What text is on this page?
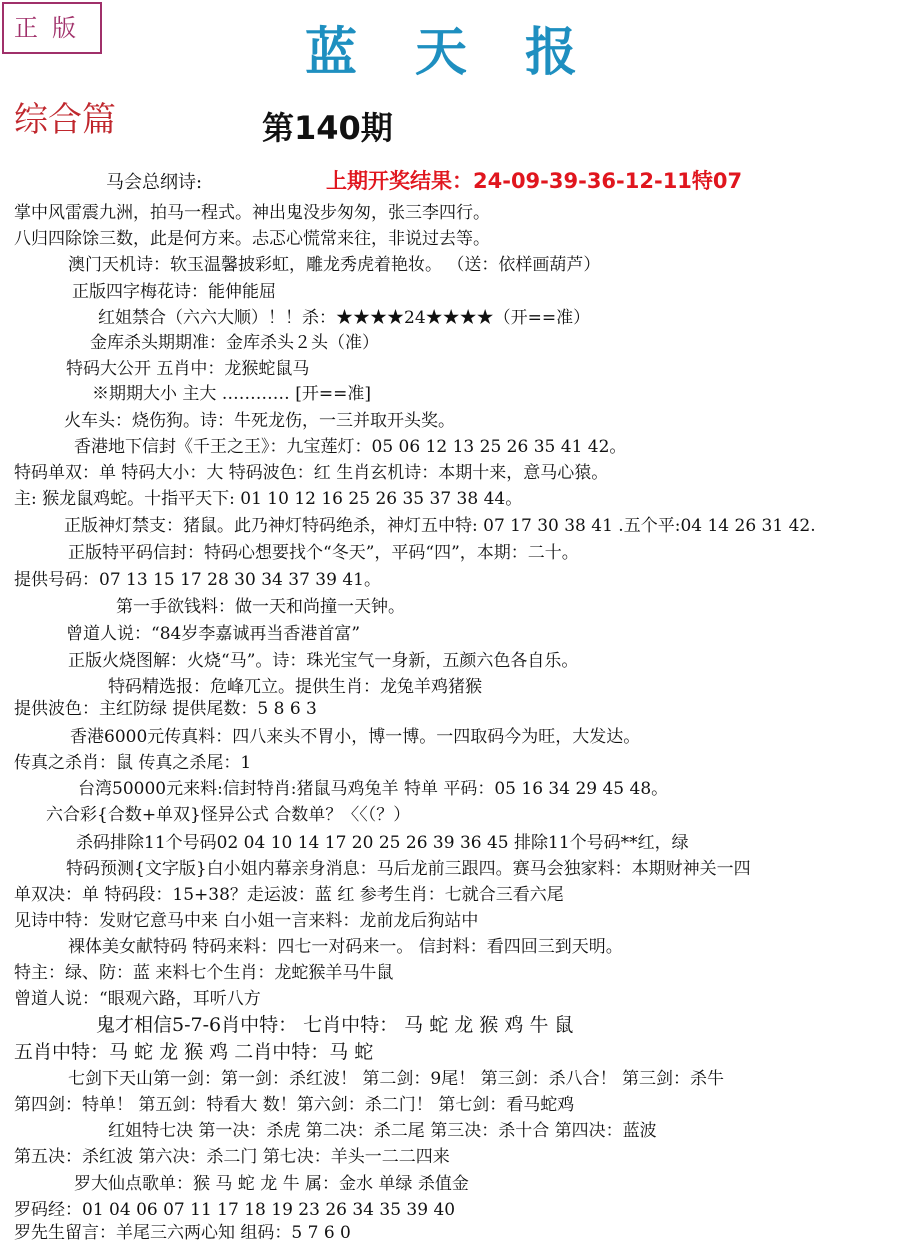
正版	蓝天报
综合篇	第140期
马会总纲诗:	上期开奖结果：24-09-39-36-12-11特07
掌中风雷震九洲，拍马一程式。神出鬼没步匆匆，张三李四行。
八归四除馀三数，此是何方来。忐忑心慌常来往，非说过去等。
澳门天机诗：软玉温馨披彩虹，雕龙秀虎着艳妆。 （送：依样画葫芦）
正版四字梅花诗：能伸能屈
红姐禁合（六六大顺）！！杀：★★★★24★★★★（开==准）
金库杀头期期准：金库杀头２头（准）
特码大公开 五肖中：龙猴蛇鼠马
※期期大小 主大 ………… [开==准]
火车头：烧伤狗。诗：牛死龙伤，一三并取开头奖。
香港地下信封《千王之王》：九宝莲灯：05 06 12 13 25 26 35 41 42。
特码单双：单 特码大小：大 特码波色：红 生肖玄机诗：本期十来，意马心猿。
主: 猴龙鼠鸡蛇。十指平天下: 01 10 12 16 25 26 35 37 38 44。
正版神灯禁支：猪鼠。此乃神灯特码绝杀，神灯五中特: 07 17 30 38 41 .五个平:04 14 26 31 42.
正版特平码信封：特码心想要找个“冬天”，平码“四”，本期：二十。
提供号码：07 13 15 17 28 30 34 37 39 41。
第一手欲钱料：做一天和尚撞一天钟。
曾道人说：“84岁李嘉诚再当香港首富”
正版火烧图解：火烧“马”。诗：珠光宝气一身新，五颜六色各自乐。
特码精选报：危峰兀立。提供生肖：龙兔羊鸡猪猴
提供波色：主红防绿 提供尾数：5 8 6 3
香港6000元传真料：四八来头不胃小，博一博。一四取码今为旺，大发达。
传真之杀肖：鼠 传真之杀尾：1
台湾50000元来料:信封特肖:猪鼠马鸡兔羊 特单 平码：05 16 34 29 45 48。
六合彩{合数+单双}怪异公式 合数单？〈〈（？）
杀码排除11个号码02 04 10 14 17 20 25 26 39 36 45 排除11个号码**红，绿
特码预测{文字版}白小姐内幕亲身消息：马后龙前三跟四。赛马会独家料：本期财神关一四
单双决：单 特码段：15+38？走运波：蓝 红 参考生肖：七就合三看六尾
见诗中特：发财它意马中来 白小姐一言来料：龙前龙后狗站中
裸体美女献特码 特码来料：四七一对码来一。 信封料：看四回三到天明。
特主：绿、防：蓝 来料七个生肖：龙蛇猴羊马牛鼠
曾道人说：“眼观六路，耳听八方
鬼才相信5-7-6肖中特： 七肖中特： 马 蛇 龙 猴 鸡 牛 鼠
五肖中特：马 蛇 龙 猴 鸡 二肖中特：马 蛇
七剑下天山第一剑：第一剑：杀红波！ 第二剑：9尾！ 第三剑：杀八合！ 第三剑：杀牛
第四剑：特单！ 第五剑：特看大 数！第六剑：杀二门！ 第七剑：看马蛇鸡
红姐特七决 第一决：杀虎 第二决：杀二尾 第三决：杀十合 第四决：蓝波
第五决：杀红波 第六决：杀二门 第七决：羊头一二二四来
罗大仙点歌单：猴 马 蛇 龙 牛 属：金水 单绿 杀值金
罗码经：01 04 06 07 11 17 18 19 23 26 34 35 39 40
罗先生留言：羊尾三六两心知 组码：5 7 6 0
